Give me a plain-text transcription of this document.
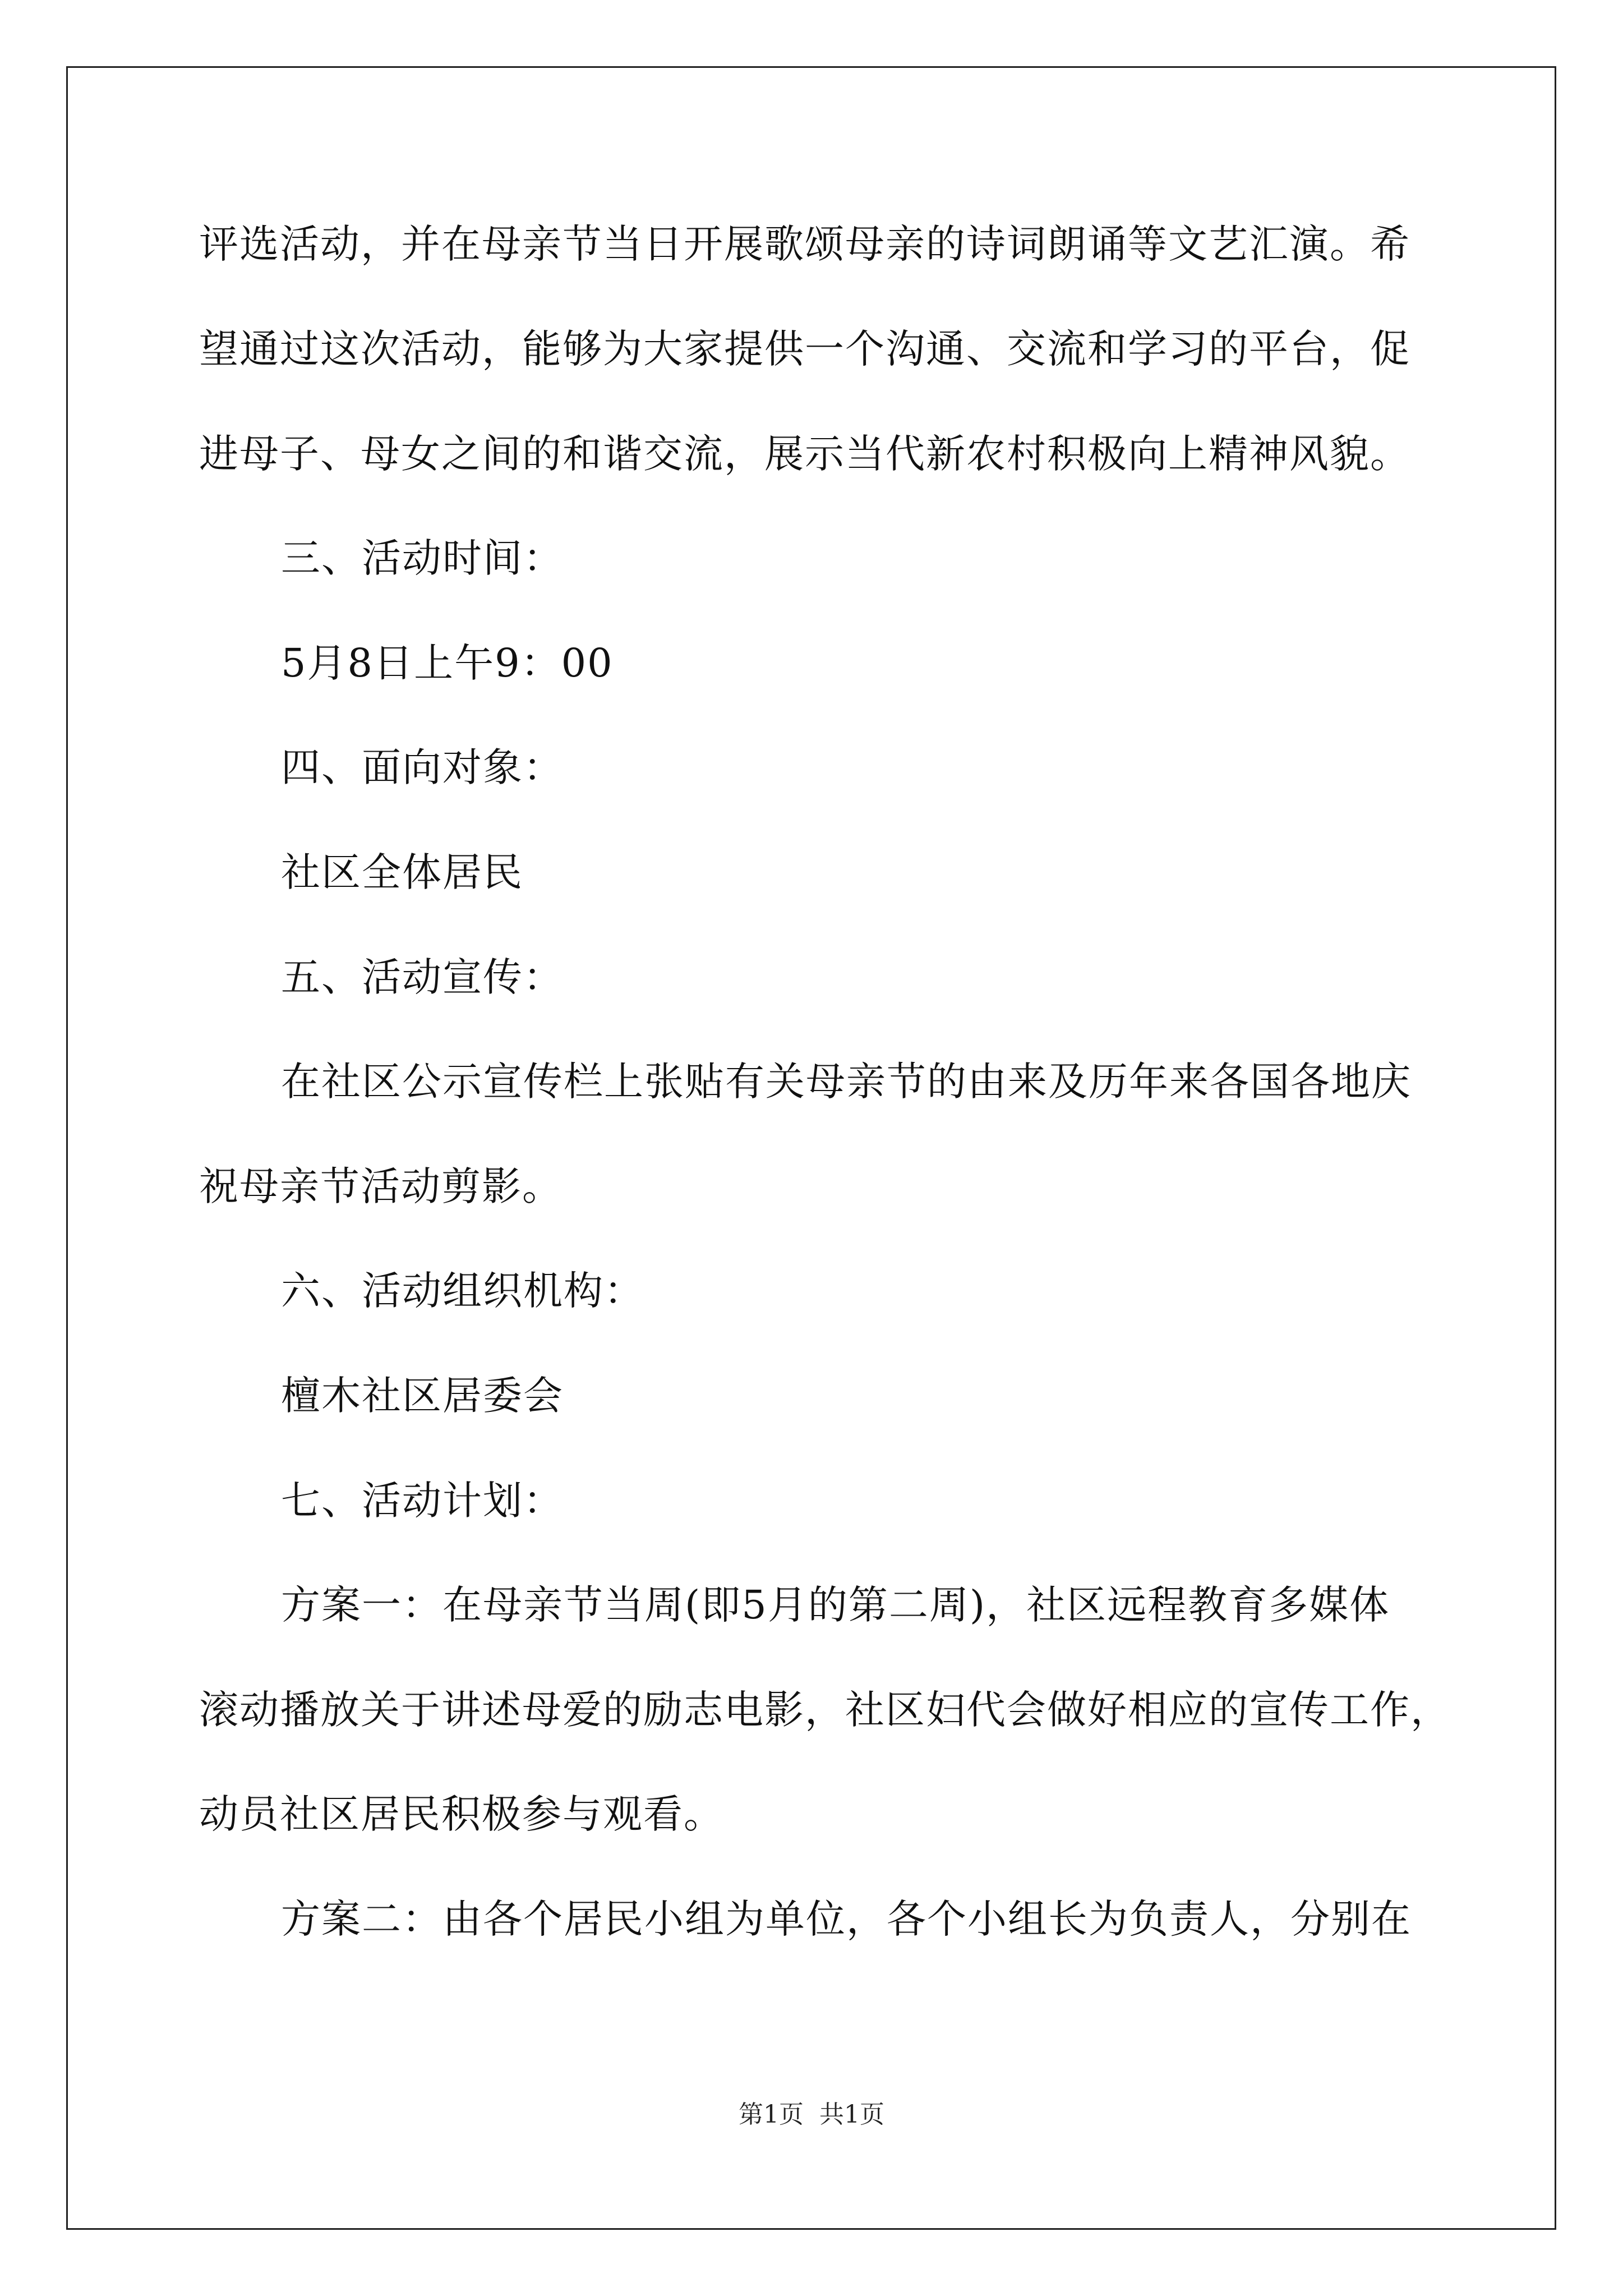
评选活动，并在母亲节当日开展歌颂母亲的诗词朗诵等文艺汇演。希
望通过这次活动，能够为大家提供一个沟通、交流和学习的平台，促
进母子、母女之间的和谐交流，展示当代新农村积极向上精神风貌。
三、活动时间：
5月8日上午9：00
四、面向对象：
社区全体居民
五、活动宣传：
在社区公示宣传栏上张贴有关母亲节的由来及历年来各国各地庆
祝母亲节活动剪影。
六、活动组织机构：
檀木社区居委会
七、活动计划：
方案一：在母亲节当周(即5月的第二周)，社区远程教育多媒体
滚动播放关于讲述母爱的励志电影，社区妇代会做好相应的宣传工作，
动员社区居民积极参与观看。
方案二：由各个居民小组为单位，各个小组长为负责人，分别在
第1页 共1页
